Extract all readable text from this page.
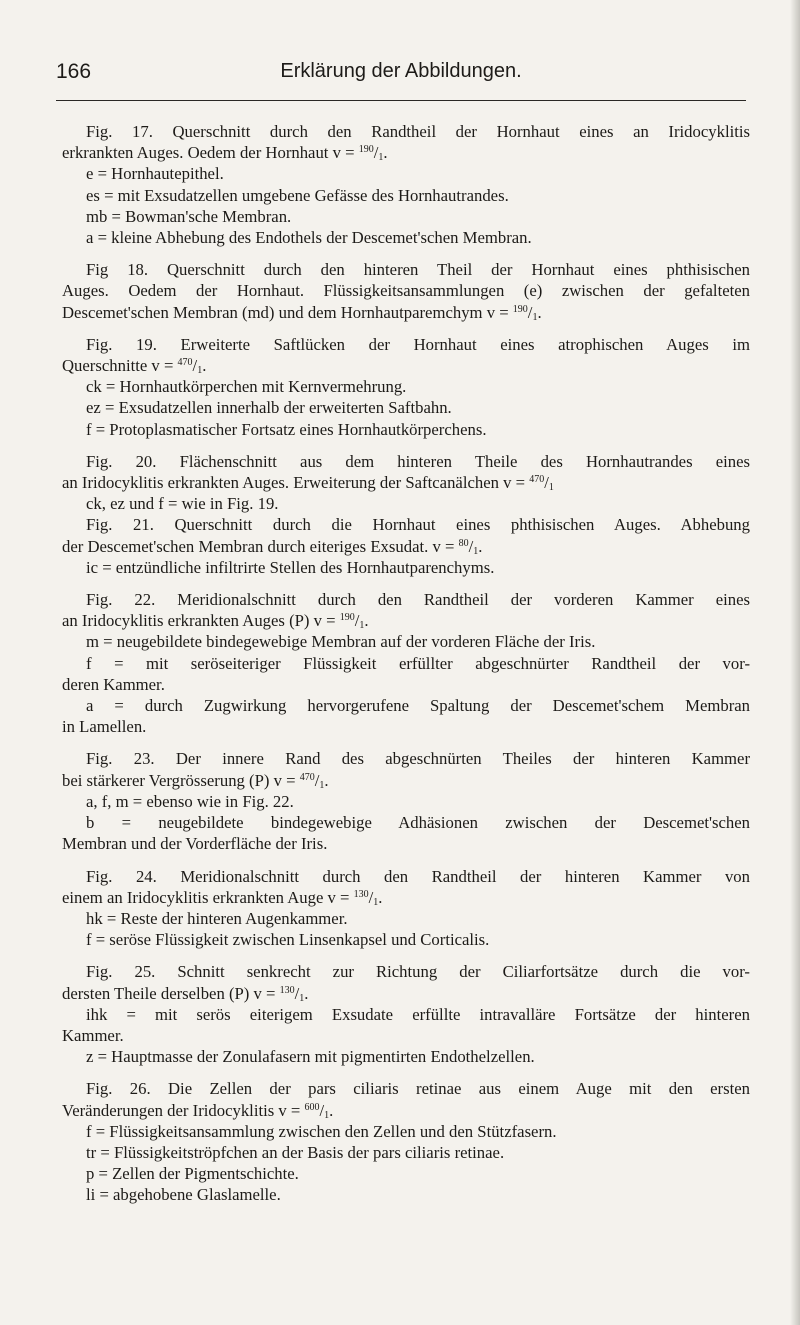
166	Erklärung der Abbildungen.
Fig. 17. Querschnitt durch den Randtheil der Hornhaut eines an Iridocyklitis
erkrankten Auges. Oedem der Hornhaut $v = ^{190}/_1$.
e = Hornhautepithel.
es = mit Exsudatzellen umgebene Gefässe des Hornhautrandes.
mb = Bowman'sche Membran.
a = kleine Abhebung des Endothels der Descemet'schen Membran.
Fig 18. Querschnitt durch den hinteren Theil der Hornhaut eines phthisischen
Auges. Oedem der Hornhaut. Flüssigkeitsansammlungen (e) zwischen der gefalteten
Descemet'schen Membran (md) und dem Hornhautparemchym $v = ^{190}/_1$.
Fig. 19. Erweiterte Saftlücken der Hornhaut eines atrophischen Auges im
Querschnitte $v = ^{470}/_1$.
ck = Hornhautkörperchen mit Kernvermehrung.
ez = Exsudatzellen innerhalb der erweiterten Saftbahn.
f = Protoplasmatischer Fortsatz eines Hornhautkörperchens.
Fig. 20. Flächenschnitt aus dem hinteren Theile des Hornhautrandes eines
an Iridocyklitis erkrankten Auges. Erweiterung der Saftcanälchen $v = ^{470}/_1$
ck, ez und f = wie in Fig. 19.
Fig. 21. Querschnitt durch die Hornhaut eines phthisischen Auges. Abhebung
der Descemet'schen Membran durch eiteriges Exsudat. $v = ^{80}/_1$.
ic = entzündliche infiltrirte Stellen des Hornhautparenchyms.
Fig. 22. Meridionalschnitt durch den Randtheil der vorderen Kammer eines
an Iridocyklitis erkrankten Auges (P) $v = ^{190}/_1$.
m = neugebildete bindegewebige Membran auf der vorderen Fläche der Iris.
f = mit seröseiteriger Flüssigkeit erfüllter abgeschnürter Randtheil der vor-
deren Kammer.
a = durch Zugwirkung hervorgerufene Spaltung der Descemet'schem Membran
in Lamellen.
Fig. 23. Der innere Rand des abgeschnürten Theiles der hinteren Kammer
bei stärkerer Vergrösserung (P) $v = ^{470}/_1$.
a, f, m = ebenso wie in Fig. 22.
b = neugebildete bindegewebige Adhäsionen zwischen der Descemet'schen
Membran und der Vorderfläche der Iris.
Fig. 24. Meridionalschnitt durch den Randtheil der hinteren Kammer von
einem an Iridocyklitis erkrankten Auge $v = ^{130}/_1$.
hk = Reste der hinteren Augenkammer.
f = seröse Flüssigkeit zwischen Linsenkapsel und Corticalis.
Fig. 25. Schnitt senkrecht zur Richtung der Ciliarfortsätze durch die vor-
dersten Theile derselben (P) $v = ^{130}/_1$.
ihk = mit serös eiterigem Exsudate erfüllte intravalläre Fortsätze der hinteren
Kammer.
z = Hauptmasse der Zonulafasern mit pigmentirten Endothelzellen.
Fig. 26. Die Zellen der pars ciliaris retinae aus einem Auge mit den ersten
Veränderungen der Iridocyklitis $v = ^{600}/_1$.
f = Flüssigkeitsansammlung zwischen den Zellen und den Stützfasern.
tr = Flüssigkeitströpfchen an der Basis der pars ciliaris retinae.
p = Zellen der Pigmentschichte.
li = abgehobene Glaslamelle.
